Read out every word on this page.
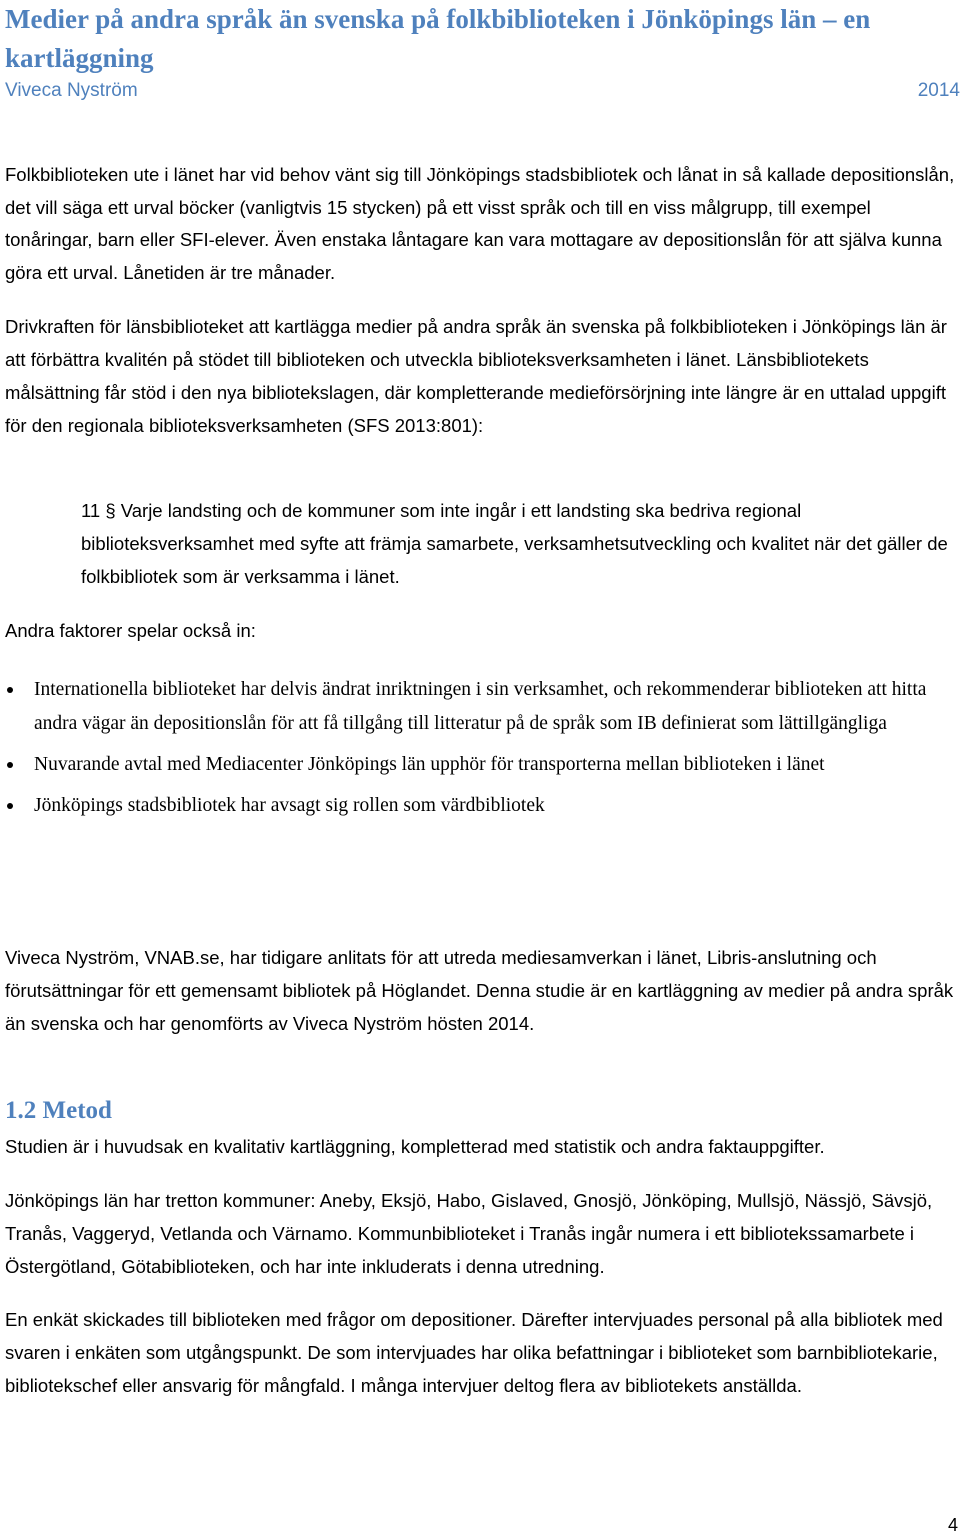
Medier på andra språk än svenska på folkbiblioteken i Jönköpings län – en kartläggning
Viveca Nyström	2014

Folkbiblioteken ute i länet har vid behov vänt sig till Jönköpings stadsbibliotek och lånat in så kallade depositionslån, det vill säga ett urval böcker (vanligtvis 15 stycken) på ett visst språk och till en viss målgrupp, till exempel tonåringar, barn eller SFI-elever. Även enstaka låntagare kan vara mottagare av depositionslån för att själva kunna göra ett urval. Lånetiden är tre månader.

Drivkraften för länsbiblioteket att kartlägga medier på andra språk än svenska på folkbiblioteken i Jönköpings län är att förbättra kvalitén på stödet till biblioteken och utveckla biblioteksverksamheten i länet. Länsbibliotekets målsättning får stöd i den nya bibliotekslagen, där kompletterande medieförsörjning inte längre är en uttalad uppgift för den regionala biblioteksverksamheten (SFS 2013:801):

11 § Varje landsting och de kommuner som inte ingår i ett landsting ska bedriva regional biblioteksverksamhet med syfte att främja samarbete, verksamhetsutveckling och kvalitet när det gäller de folkbibliotek som är verksamma i länet.

Andra faktorer spelar också in:

Internationella biblioteket har delvis ändrat inriktningen i sin verksamhet, och rekommenderar biblioteken att hitta andra vägar än depositionslån för att få tillgång till litteratur på de språk som IB definierat som lättillgängliga
Nuvarande avtal med Mediacenter Jönköpings län upphör för transporterna mellan biblioteken i länet
Jönköpings stadsbibliotek har avsagt sig rollen som värdbibliotek

Viveca Nyström, VNAB.se, har tidigare anlitats för att utreda mediesamverkan i länet, Libris-anslutning och förutsättningar för ett gemensamt bibliotek på Höglandet. Denna studie är en kartläggning av medier på andra språk än svenska och har genomförts av Viveca Nyström hösten 2014.

1.2 Metod

Studien är i huvudsak en kvalitativ kartläggning, kompletterad med statistik och andra faktauppgifter.

Jönköpings län har tretton kommuner: Aneby, Eksjö, Habo, Gislaved, Gnosjö, Jönköping, Mullsjö, Nässjö, Sävsjö, Tranås, Vaggeryd, Vetlanda och Värnamo. Kommunbiblioteket i Tranås ingår numera i ett bibliotekssamarbete i Östergötland, Götabiblioteken, och har inte inkluderats i denna utredning.

En enkät skickades till biblioteken med frågor om depositioner. Därefter intervjuades personal på alla bibliotek med svaren i enkäten som utgångspunkt. De som intervjuades har olika befattningar i biblioteket som barnbibliotekarie, bibliotekschef eller ansvarig för mångfald. I många intervjuer deltog flera av bibliotekets anställda.

4
